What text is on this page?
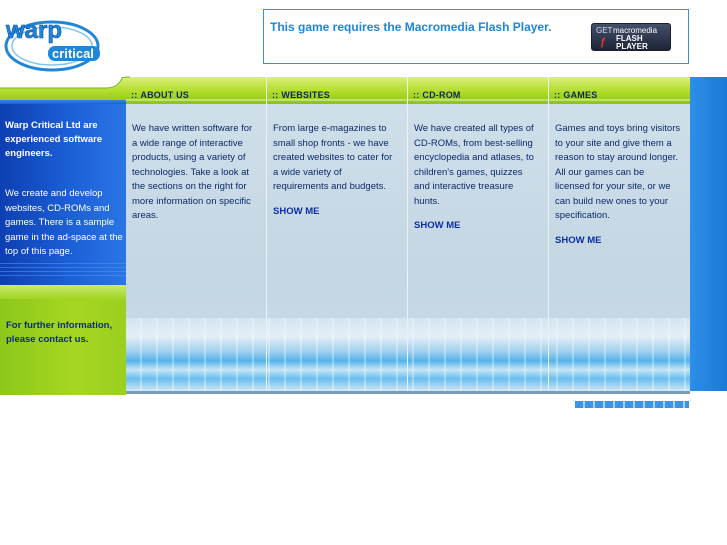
warp
critical
This game requires the Macromedia Flash Player.	GET macromedia
ƒ FLASH
PLAYER
:: ABOUT US	:: WEBSITES	:: CD-ROM	:: GAMES
Warp Critical Ltd are experienced software engineers.
We create and develop websites, CD-ROMs and games. There is a sample game in the ad-space at the top of this page.
For further information, please contact us.
We have written software for a wide range of interactive products, using a variety of technologies. Take a look at the sections on the right for more information on specific areas.
From large e-magazines to small shop fronts - we have created websites to cater for a wide variety of requirements and budgets.
SHOW ME
We have created all types of CD-ROMs, from best-selling encyclopedia and atlases, to children's games, quizzes and interactive treasure hunts.
SHOW ME
Games and toys bring visitors to your site and give them a reason to stay around longer. All our games can be licensed for your site, or we can build new ones to your specification.
SHOW ME
